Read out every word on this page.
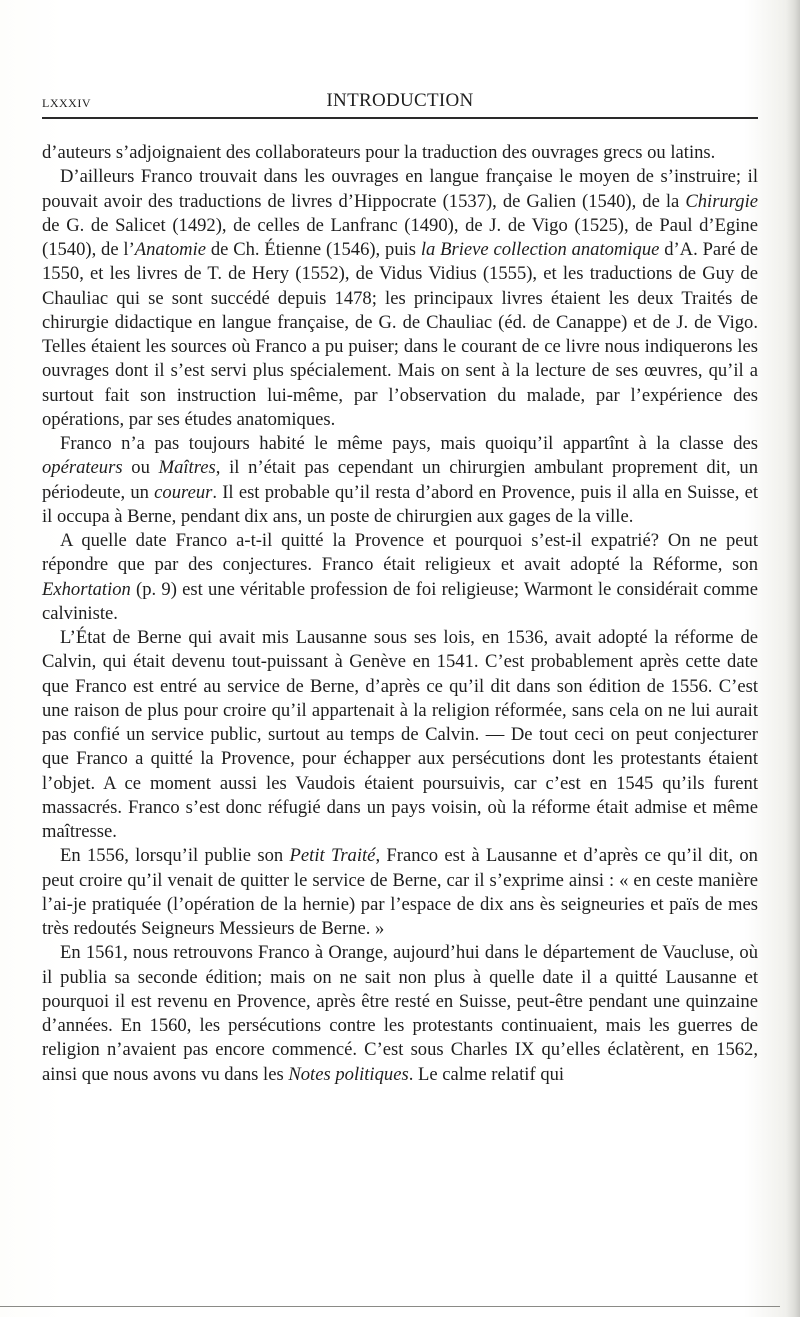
LXXXIV	INTRODUCTION

d’auteurs s’adjoignaient des collaborateurs pour la traduction des ouvrages grecs ou latins.

D’ailleurs Franco trouvait dans les ouvrages en langue française le moyen de s’instruire; il pouvait avoir des traductions de livres d’Hippocrate (1537), de Galien (1540), de la Chirurgie de G. de Salicet (1492), de celles de Lanfranc (1490), de J. de Vigo (1525), de Paul d’Egine (1540), de l’Anatomie de Ch. Étienne (1546), puis la Brieve collection anatomique d’A. Paré de 1550, et les livres de T. de Hery (1552), de Vidus Vidius (1555), et les traductions de Guy de Chauliac qui se sont succédé depuis 1478; les principaux livres étaient les deux Traités de chirurgie didactique en langue française, de G. de Chauliac (éd. de Canappe) et de J. de Vigo. Telles étaient les sources où Franco a pu puiser; dans le courant de ce livre nous indiquerons les ouvrages dont il s’est servi plus spécialement. Mais on sent à la lecture de ses œuvres, qu’il a surtout fait son instruction lui-même, par l’observation du malade, par l’expérience des opérations, par ses études anatomiques.

Franco n’a pas toujours habité le même pays, mais quoiqu’il appartînt à la classe des opérateurs ou Maîtres, il n’était pas cependant un chirurgien ambulant proprement dit, un périodeute, un coureur. Il est probable qu’il resta d’abord en Provence, puis il alla en Suisse, et il occupa à Berne, pendant dix ans, un poste de chirurgien aux gages de la ville.

A quelle date Franco a-t-il quitté la Provence et pourquoi s’est-il expatrié? On ne peut répondre que par des conjectures. Franco était religieux et avait adopté la Réforme, son Exhortation (p. 9) est une véritable profession de foi religieuse; Warmont le considérait comme calviniste.

L’État de Berne qui avait mis Lausanne sous ses lois, en 1536, avait adopté la réforme de Calvin, qui était devenu tout-puissant à Genève en 1541. C’est probablement après cette date que Franco est entré au service de Berne, d’après ce qu’il dit dans son édition de 1556. C’est une raison de plus pour croire qu’il appartenait à la religion réformée, sans cela on ne lui aurait pas confié un service public, surtout au temps de Calvin. — De tout ceci on peut conjecturer que Franco a quitté la Provence, pour échapper aux persécutions dont les protestants étaient l’objet. A ce moment aussi les Vaudois étaient poursuivis, car c’est en 1545 qu’ils furent massacrés. Franco s’est donc réfugié dans un pays voisin, où la réforme était admise et même maîtresse.

En 1556, lorsqu’il publie son Petit Traité, Franco est à Lausanne et d’après ce qu’il dit, on peut croire qu’il venait de quitter le service de Berne, car il s’exprime ainsi : « en ceste manière l’ai-je pratiquée (l’opération de la hernie) par l’espace de dix ans ès seigneuries et païs de mes très redoutés Seigneurs Messieurs de Berne. »

En 1561, nous retrouvons Franco à Orange, aujourd’hui dans le département de Vaucluse, où il publia sa seconde édition; mais on ne sait non plus à quelle date il a quitté Lausanne et pourquoi il est revenu en Provence, après être resté en Suisse, peut-être pendant une quinzaine d’années. En 1560, les persécutions contre les protestants continuaient, mais les guerres de religion n’avaient pas encore commencé. C’est sous Charles IX qu’elles éclatèrent, en 1562, ainsi que nous avons vu dans les Notes politiques. Le calme relatif qui
